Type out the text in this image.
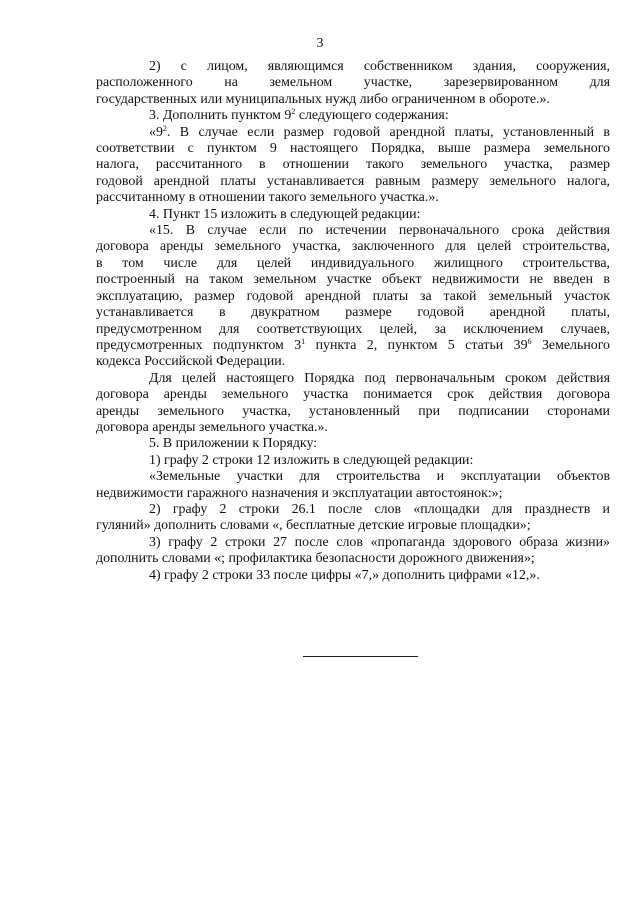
3
2) с лицом, являющимся собственником здания, сооружения,
расположенного на земельном участке, зарезервированном для
государственных или муниципальных нужд либо ограниченном в обороте.».
3. Дополнить пунктом $9^2$ следующего содержания:
«$9^2$. В случае если размер годовой арендной платы, установленный в
соответствии с пунктом 9 настоящего Порядка, выше размера земельного
налога, рассчитанного в отношении такого земельного участка, размер
годовой арендной платы устанавливается равным размеру земельного налога,
рассчитанному в отношении такого земельного участка.».
4. Пункт 15 изложить в следующей редакции:
«15. В случае если по истечении первоначального срока действия
договора аренды земельного участка, заключенного для целей строительства,
в том числе для целей индивидуального жилищного строительства,
построенный на таком земельном участке объект недвижимости не введен в
эксплуатацию, размер годовой арендной платы за такой земельный участок
устанавливается в двукратном размере годовой арендной платы,
предусмотренном для соответствующих целей, за исключением случаев,
предусмотренных подпунктом $3^1$ пункта 2, пунктом 5 статьи $39^6$ Земельного
кодекса Российской Федерации.
Для целей настоящего Порядка под первоначальным сроком действия
договора аренды земельного участка понимается срок действия договора
аренды земельного участка, установленный при подписании сторонами
договора аренды земельного участка.».
5. В приложении к Порядку:
1) графу 2 строки 12 изложить в следующей редакции:
«Земельные участки для строительства и эксплуатации объектов
недвижимости гаражного назначения и эксплуатации автостоянок:»;
2) графу 2 строки 26.1 после слов «площадки для празднеств и
гуляний» дополнить словами «, бесплатные детские игровые площадки»;
3) графу 2 строки 27 после слов «пропаганда здорового образа жизни»
дополнить словами «; профилактика безопасности дорожного движения»;
4) графу 2 строки 33 после цифры «7,» дополнить цифрами «12,».
